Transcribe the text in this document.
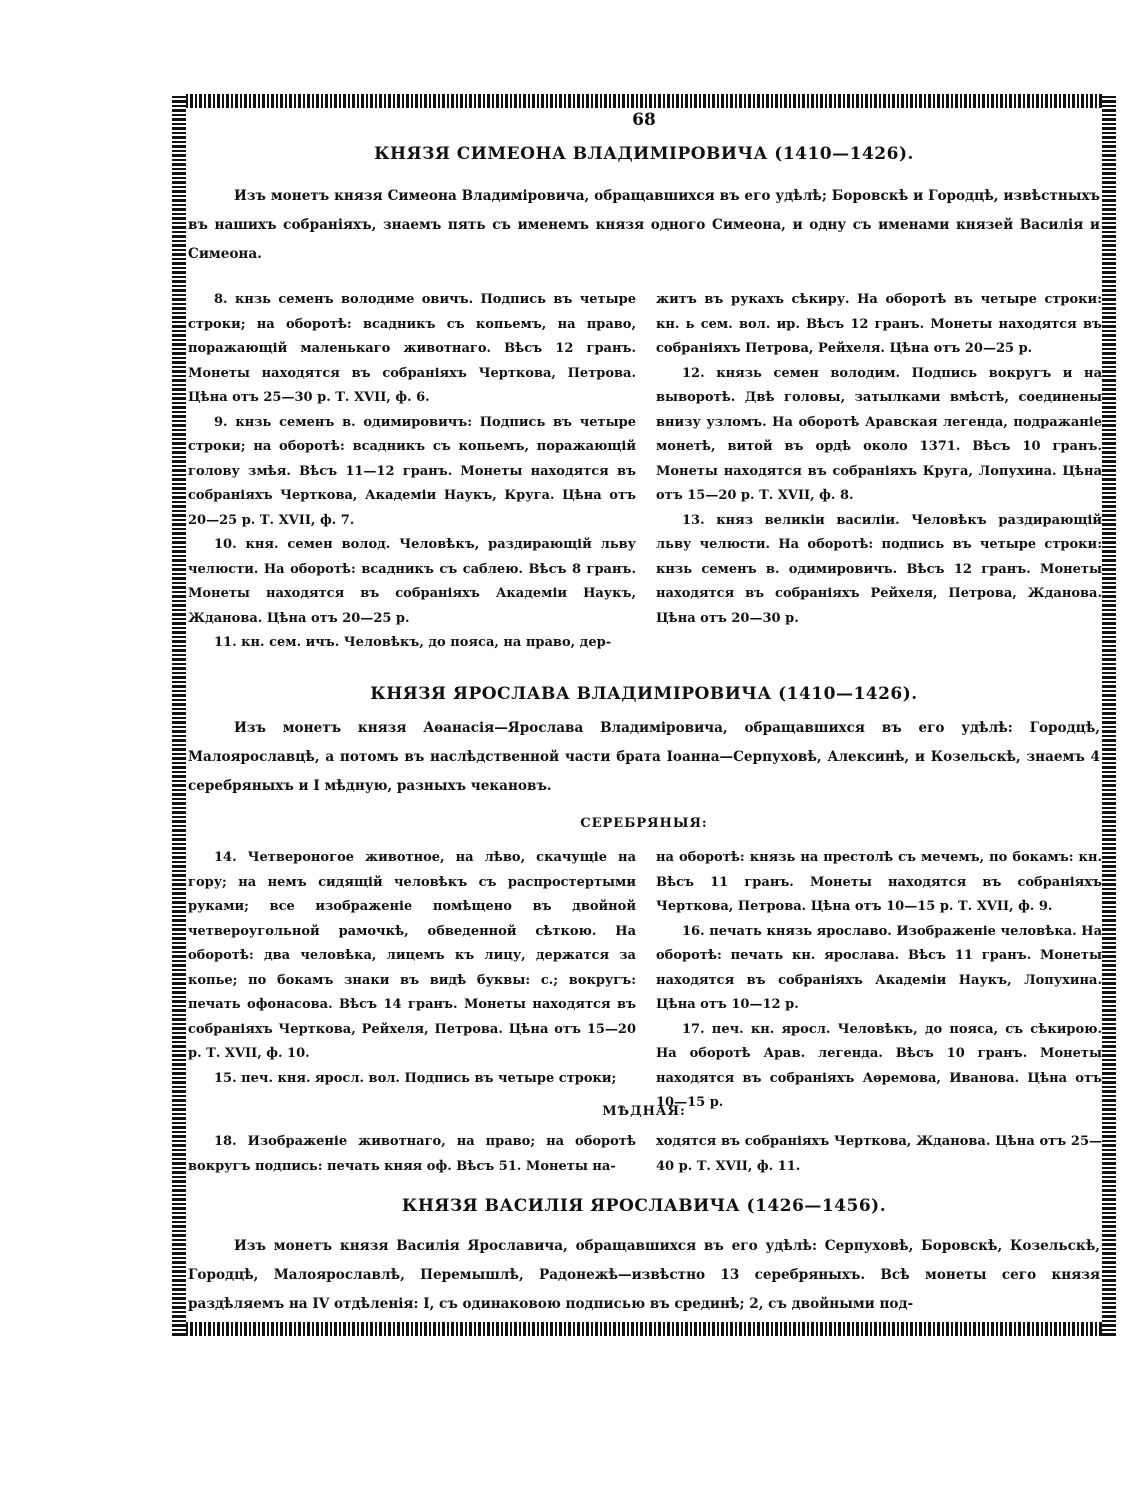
68
КНЯЗЯ СИМЕОНА ВЛАДИМІРОВИЧА (1410—1426).
Изъ монетъ князя Симеона Владиміровича, обращавшихся въ его удѣлѣ; Боровскѣ и Городцѣ, извѣстныхъ въ нашихъ собраніяхъ, знаемъ пять съ именемъ князя одного Симеона, и одну съ именами князей Василія и Симеона.

8. кнзь семенъ володиме овичъ. Подпись въ четыре строки; на оборотѣ: всадникъ съ копьемъ, на право, поражающій маленькаго животнаго. Вѣсъ 12 гранъ. Монеты находятся въ собраніяхъ Черткова, Петрова. Цѣна отъ 25—30 р. Т. XVII, ф. 6.

9. кнзь семенъ в. одимировичъ: Подпись въ четыре строки; на оборотѣ: всадникъ съ копьемъ, поражающій голову змѣя. Вѣсъ 11—12 гранъ. Монеты находятся въ собраніяхъ Черткова, Академіи Наукъ, Круга. Цѣна отъ 20—25 р. Т. XVII, ф. 7.

10. кня. семен волод. Человѣкъ, раздирающій льву челюсти. На оборотѣ: всадникъ съ саблею. Вѣсъ 8 гранъ. Монеты находятся въ собраніяхъ Академіи Наукъ, Жданова. Цѣна отъ 20—25 р.

11. кн. сем. ичъ. Человѣкъ, до пояса, на право, дер-

житъ въ рукахъ сѣкиру. На оборотѣ въ четыре строки: кн. ь сем. вол. ир. Вѣсъ 12 гранъ. Монеты находятся въ собраніяхъ Петрова, Рейхеля. Цѣна отъ 20—25 р.

12. князь семен володим. Подпись вокругъ и на выворотѣ. Двѣ головы, затылками вмѣстѣ, соединены внизу узломъ. На оборотѣ Аравская легенда, подражаніе монетѣ, витой въ ордѣ около 1371. Вѣсъ 10 гранъ. Монеты находятся въ собраніяхъ Круга, Лопухина. Цѣна отъ 15—20 р. Т. XVII, ф. 8.

13. княз великіи василіи. Человѣкъ раздирающій льву челюсти. На оборотѣ: подпись въ четыре строки: кнзь семенъ в. одимировичъ. Вѣсъ 12 гранъ. Монеты находятся въ собраніяхъ Рейхеля, Петрова, Жданова. Цѣна отъ 20—30 р.

КНЯЗЯ ЯРОСЛАВА ВЛАДИМІРОВИЧА (1410—1426).
Изъ монетъ князя Аѳанасія—Ярослава Владиміровича, обращавшихся въ его удѣлѣ: Городцѣ, Малоярославцѣ, а потомъ въ наслѣдственной части брата Іоанна—Серпуховѣ, Алексинѣ, и Козельскѣ, знаемъ 4 серебряныхъ и I мѣдную, разныхъ чекановъ.
СЕРЕБРЯНЫЯ:

14. Четвероногое животное, на лѣво, скачущіе на гору; на немъ сидящій человѣкъ съ распростертыми руками; все изображеніе помѣщено въ двойной четвероугольной рамочкѣ, обведенной сѣткою. На оборотѣ: два человѣка, лицемъ къ лицу, держатся за копье; по бокамъ знаки въ видѣ буквы: с.; вокругъ: печать офонасова. Вѣсъ 14 гранъ. Монеты находятся въ собраніяхъ Черткова, Рейхеля, Петрова. Цѣна отъ 15—20 р. Т. XVII, ф. 10.

15. печ. кня. яросл. вол. Подпись въ четыре строки;

на оборотѣ: князь на престолѣ съ мечемъ, по бокамъ: кн. Вѣсъ 11 гранъ. Монеты находятся въ собраніяхъ Черткова, Петрова. Цѣна отъ 10—15 р. Т. XVII, ф. 9.

16. печать князь ярославо. Изображеніе человѣка. На оборотѣ: печать кн. ярослава. Вѣсъ 11 гранъ. Монеты находятся въ собраніяхъ Академіи Наукъ, Лопухина. Цѣна отъ 10—12 р.

17. печ. кн. яросл. Человѣкъ, до пояса, съ сѣкирою. На оборотѣ Арав. легенда. Вѣсъ 10 гранъ. Монеты находятся въ собраніяхъ Аѳремова, Иванова. Цѣна отъ 10—15 р.

МѢДНАЯ:

18. Изображеніе животнаго, на право; на оборотѣ вокругъ подпись: печать княя оф. Вѣсъ 51. Монеты на-

ходятся въ собраніяхъ Черткова, Жданова. Цѣна отъ 25—40 р. Т. XVII, ф. 11.

КНЯЗЯ ВАСИЛІЯ ЯРОСЛАВИЧА (1426—1456).
Изъ монетъ князя Василія Ярославича, обращавшихся въ его удѣлѣ: Серпуховѣ, Боровскѣ, Козельскѣ, Городцѣ, Малоярославлѣ, Перемышлѣ, Радонежѣ—извѣстно 13 серебряныхъ. Всѣ монеты сего князя раздѣляемъ на IV отдѣленія: I, съ одинаковою подписью въ срединѣ; 2, съ двойными под-
